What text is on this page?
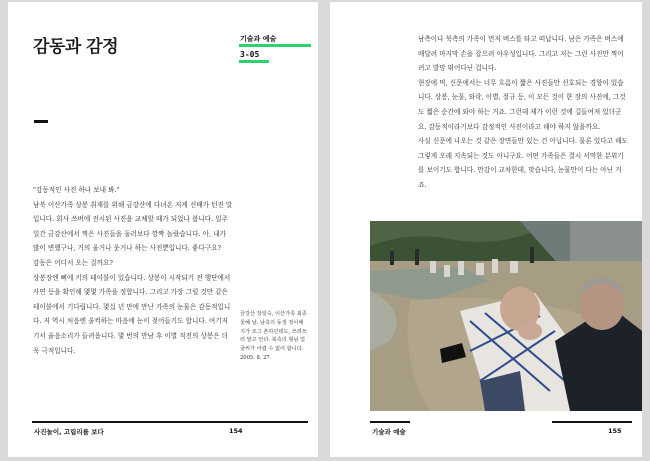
감동과 감정	기술과 예술
3-05

"감동적인 사진 하나 보내 봐."

남북 이산가족 상봉 취재를 위해 금강산에 다녀온 저게 선배가 턴진 말입니다. 회사 쓰버에 전시된 사진을 교체할 때가 되었나 봅니다. 일주일간 금강산에서 찍은 사진들을 둘러보다 깜짝 놀랐습니다. 아, 내가 많이 변했구나, 거의 울거나 웃거나 하는 사진뿐입니다. 좋다구요?

감동은 어디서 오는 걸까요?

상봉장엔 뻐에 키의 테이블이 있습니다. 상봉이 시작되기 전 행단에서 사연 등을 확인해 몇몇 가족을 정합니다. 그리고 가장 그럴 것만 같은 테이블에서 기다립니다. 몇십 년 만에 만난 가족의 눈물은 감동적입니다. 저 역시 처음엔 울컥하는 마음에 눈이 젖어들기도 합니다. 여기저기서 울음소리가 들려옵니다. 몇 번의 만남 후 이별 직전의 상봉은 더욱 극적입니다.

금강산 장일숙, 이산가족 최종 울혜 날. 남측의 동생 정이해지가 조그 촌하던데도, 쓰려쓰러 말고 안다. 북측의 형님 얼굴씨가 어렵 수 없어 합니다. 2005. 8. 27.
사진놀이, 고립리를 보다	154

남측이나 북측의 가족이 먼저 버스를 타고 떠납니다. 남은 가족은 버스에 매달려 마지막 손을 잡으려 아우성입니다. 그리고 저는 그런 사진만 찍어려고 발망 뛰어다닌 겁니다.

현장에 먹, 신문에서는 너무 흐름이 짧은 사진들만 선호되는 경향이 있습니다. 상봉, 눈물, 와락, 이별, 절규 등, 이 모든 것이 한 장의 사진에, 그것도 찗은 순간에 와야 하는 거죠. 그런데 제가 이런 것에 길들여져 있더군요. 감동적이라기보다 감정적인 사진이라고 해야 하지 않을까요.

사실 신문에 나오는 것 같은 장면들만 있는 건 아닙니다. 물론 있다고 해도 그렇게 오래 지속되는 것도 아니구요. 어떤 가족들은 결시 서먹한 분위기를 보이기도 합니다. 만감이 교차한데, 맞습니다, 눈물만이 다는 아닌 거죠.

기술과 예술	155
